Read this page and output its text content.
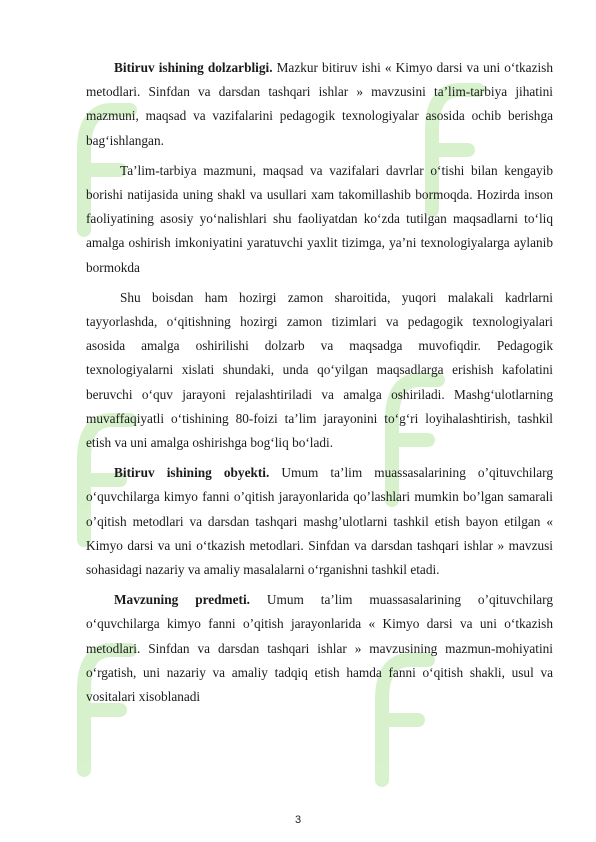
Bitiruv ishining dolzarbligi. Mazkur bitiruv ishi « Kimyo darsi va uni o‘tkazish metodlari. Sinfdan va darsdan tashqari ishlar » mavzusini ta’lim-tarbiya jihatini mazmuni, maqsad va vazifalarini pedagogik texnologiyalar asosida ochib berishga bag‘ishlangan.

Ta’lim-tarbiya mazmuni, maqsad va vazifalari davrlar o‘tishi bilan kengayib borishi natijasida uning shakl va usullari xam takomillashib bormoqda. Hozirda inson faoliyatining asosiy yo‘nalishlari shu faoliyatdan ko‘zda tutilgan maqsadlarni to‘liq amalga oshirish imkoniyatini yaratuvchi yaxlit tizimga, ya’ni texnologiyalarga aylanib bormokda

Shu boisdan ham hozirgi zamon sharoitida, yuqori malakali kadrlarni tayyorlashda, o‘qitishning hozirgi zamon tizimlari va pedagogik texnologiyalari asosida amalga oshirilishi dolzarb va maqsadga muvofiqdir. Pedagogik texnologiyalarni xislati shundaki, unda qo‘yilgan maqsadlarga erishish kafolatini beruvchi o‘quv jarayoni rejalashtiriladi va amalga oshiriladi. Mashg‘ulotlarning muvaffaqiyatli o‘tishining 80-foizi ta’lim jarayonini to‘g‘ri loyihalashtirish, tashkil etish va uni amalga oshirishga bog‘liq bo‘ladi.

Bitiruv ishining obyekti. Umum ta’lim muassasalarining o’qituvchilarg o‘quvchilarga kimyo fanni o’qitish jarayonlarida qo’lashlari mumkin bo’lgan samarali o’qitish metodlari va darsdan tashqari mashg’ulotlarni tashkil etish bayon etilgan « Kimyo darsi va uni o‘tkazish metodlari. Sinfdan va darsdan tashqari ishlar » mavzusi sohasidagi nazariy va amaliy masalalarni o‘rganishni tashkil etadi.

Mavzuning predmeti. Umum ta’lim muassasalarining o’qituvchilarg o‘quvchilarga kimyo fanni o’qitish jarayonlarida « Kimyo darsi va uni o‘tkazish metodlari. Sinfdan va darsdan tashqari ishlar » mavzusining mazmun-mohiyatini o‘rgatish, uni nazariy va amaliy tadqiq etish hamda fanni o‘qitish shakli, usul va vositalari xisoblanadi

3
